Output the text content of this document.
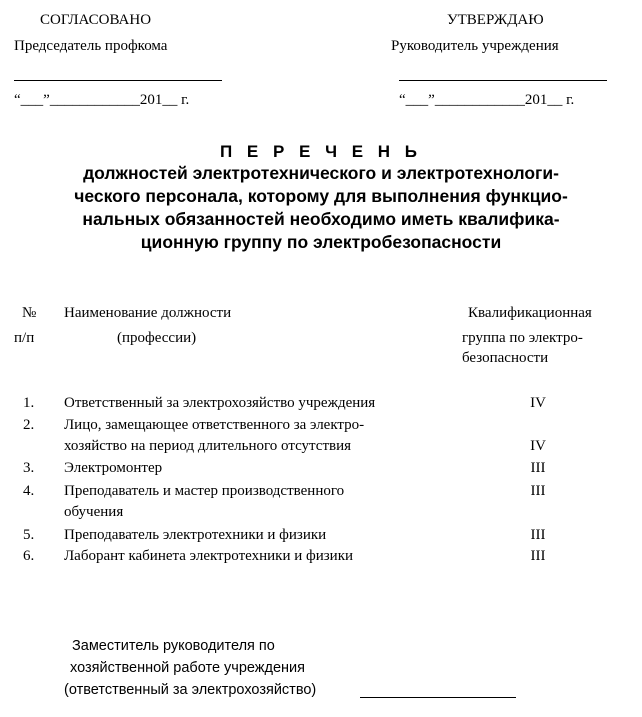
СОГЛАСОВАНО
Председатель профкома
“___”____________201__ г.
УТВЕРЖДАЮ
Руководитель учреждения
“___”____________201__ г.
П Е Р Е Ч Е Н Ь
должностей электротехнического и электротехнологи-
ческого персонала, которому для выполнения функцио-
нальных обязанностей необходимо иметь квалифика-
ционную группу по электробезопасности
№
п/п
Наименование должности
(профессии)
Квалификационная
группа по электро-
безопасности
1. Ответственный за электрохозяйство учреждения	IV
2. Лицо, замещающее ответственного за электро-
хозяйство на период длительного отсутствия	IV
3. Электромонтер	III
4. Преподаватель и мастер производственного
обучения
III
5. Преподаватель электротехники и физики	III
6. Лаборант кабинета электротехники и физики	III
Заместитель руководителя по
хозяйственной работе учреждения
(ответственный за электрохозяйство)
